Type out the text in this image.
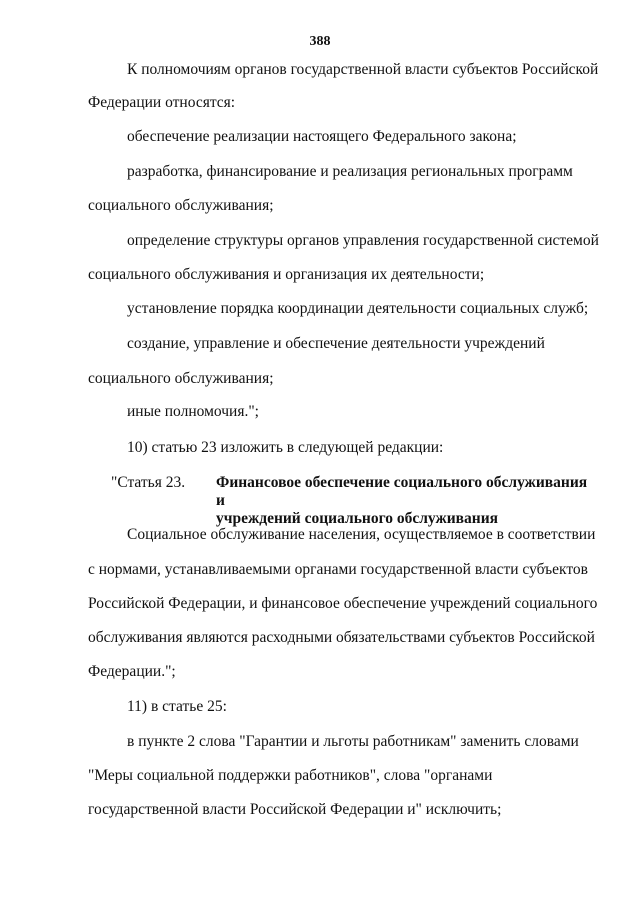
388
К полномочиям органов государственной власти субъектов Российской
Федерации относятся:
обеспечение реализации настоящего Федерального закона;
разработка, финансирование и реализация региональных программ
социального обслуживания;
определение структуры органов управления государственной системой
социального обслуживания и организация их деятельности;
установление порядка координации деятельности социальных служб;
создание, управление и обеспечение деятельности учреждений
социального обслуживания;
иные полномочия.";
10) статью 23 изложить в следующей редакции:
"Статья 23. Финансовое обеспечение социального обслуживания и
учреждений социального обслуживания
Социальное обслуживание населения, осуществляемое в соответствии
с нормами, устанавливаемыми органами государственной власти субъектов
Российской Федерации, и финансовое обеспечение учреждений социального
обслуживания являются расходными обязательствами субъектов Российской
Федерации.";
11) в статье 25:
в пункте 2 слова "Гарантии и льготы работникам" заменить словами
"Меры социальной поддержки работников", слова "органами
государственной власти Российской Федерации и" исключить;
